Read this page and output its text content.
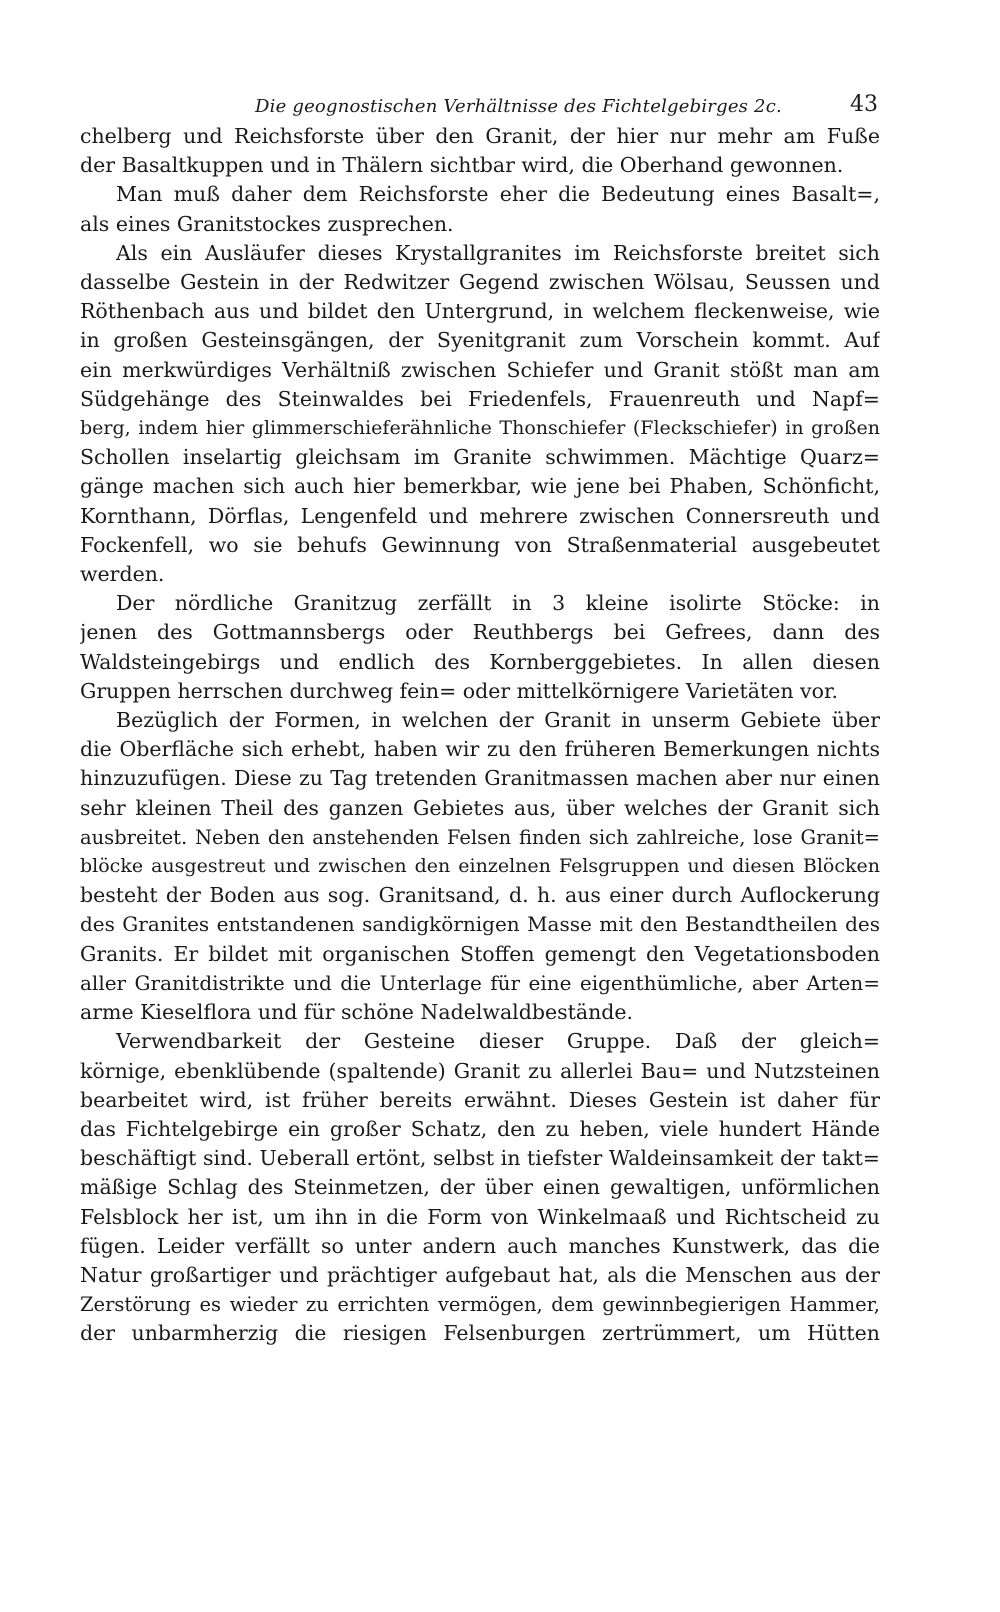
Die geognostischen Verhältnisse des Fichtelgebirges 2c.	43
chelberg und Reichsforste über den Granit, der hier nur mehr am Fuße
der Basaltkuppen und in Thälern sichtbar wird, die Oberhand gewonnen.
Man muß daher dem Reichsforste eher die Bedeutung eines Basalt=,
als eines Granitstockes zusprechen.
Als ein Ausläufer dieses Krystallgranites im Reichsforste breitet sich
dasselbe Gestein in der Redwitzer Gegend zwischen Wölsau, Seussen und
Röthenbach aus und bildet den Untergrund, in welchem fleckenweise, wie
in großen Gesteinsgängen, der Syenitgranit zum Vorschein kommt. Auf
ein merkwürdiges Verhältniß zwischen Schiefer und Granit stößt man am
Südgehänge des Steinwaldes bei Friedenfels, Frauenreuth und Napf=
berg, indem hier glimmerschieferähnliche Thonschiefer (Fleckschiefer) in großen
Schollen inselartig gleichsam im Granite schwimmen. Mächtige Quarz=
gänge machen sich auch hier bemerkbar, wie jene bei Phaben, Schönficht,
Kornthann, Dörflas, Lengenfeld und mehrere zwischen Connersreuth und
Fockenfell, wo sie behufs Gewinnung von Straßenmaterial ausgebeutet
werden.
Der nördliche Granitzug zerfällt in 3 kleine isolirte Stöcke: in
jenen des Gottmannsbergs oder Reuthbergs bei Gefrees, dann des
Waldsteingebirgs und endlich des Kornberggebietes. In allen diesen
Gruppen herrschen durchweg fein= oder mittelkörnigere Varietäten vor.
Bezüglich der Formen, in welchen der Granit in unserm Gebiete über
die Oberfläche sich erhebt, haben wir zu den früheren Bemerkungen nichts
hinzuzufügen. Diese zu Tag tretenden Granitmassen machen aber nur einen
sehr kleinen Theil des ganzen Gebietes aus, über welches der Granit sich
ausbreitet. Neben den anstehenden Felsen finden sich zahlreiche, lose Granit=
blöcke ausgestreut und zwischen den einzelnen Felsgruppen und diesen Blöcken
besteht der Boden aus sog. Granitsand, d. h. aus einer durch Auflockerung
des Granites entstandenen sandigkörnigen Masse mit den Bestandtheilen des
Granits. Er bildet mit organischen Stoffen gemengt den Vegetationsboden
aller Granitdistrikte und die Unterlage für eine eigenthümliche, aber Arten=
arme Kieselflora und für schöne Nadelwaldbestände.
Verwendbarkeit der Gesteine dieser Gruppe. Daß der gleich=
körnige, ebenklübende (spaltende) Granit zu allerlei Bau= und Nutzsteinen
bearbeitet wird, ist früher bereits erwähnt. Dieses Gestein ist daher für
das Fichtelgebirge ein großer Schatz, den zu heben, viele hundert Hände
beschäftigt sind. Ueberall ertönt, selbst in tiefster Waldeinsamkeit der takt=
mäßige Schlag des Steinmetzen, der über einen gewaltigen, unförmlichen
Felsblock her ist, um ihn in die Form von Winkelmaaß und Richtscheid zu
fügen. Leider verfällt so unter andern auch manches Kunstwerk, das die
Natur großartiger und prächtiger aufgebaut hat, als die Menschen aus der
Zerstörung es wieder zu errichten vermögen, dem gewinnbegierigen Hammer,
der unbarmherzig die riesigen Felsenburgen zertrümmert, um Hütten
